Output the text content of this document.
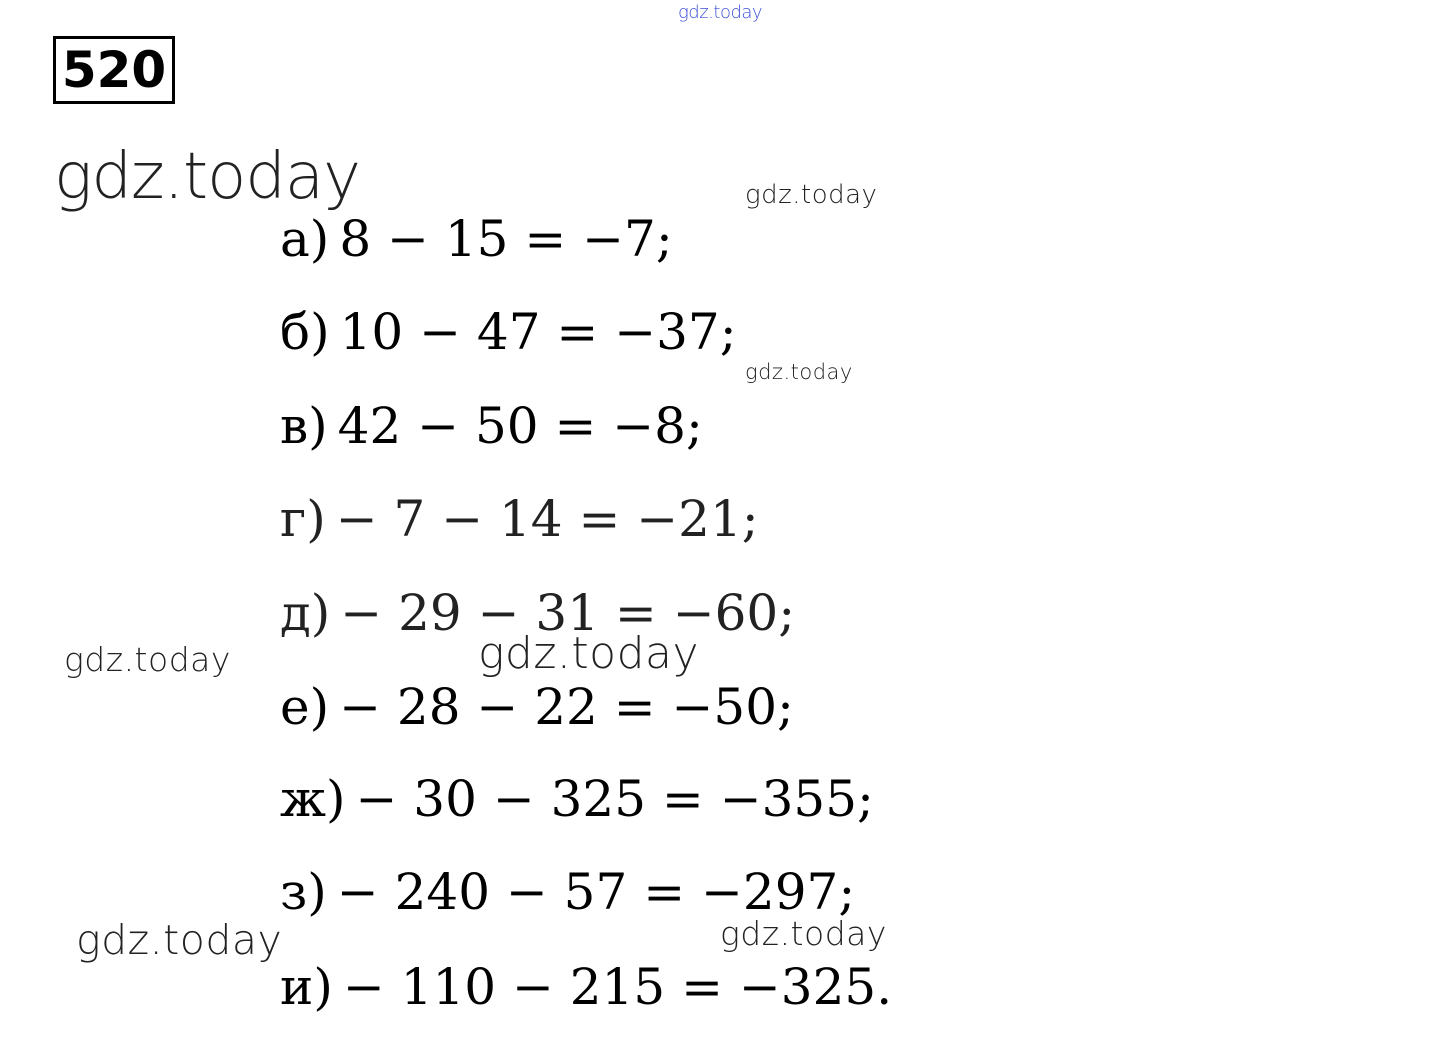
gdz.today
520
gdz.today	gdz.today
а) 8 − 15 = −7;
б) 10 − 47 = −37;
gdz.today
в) 42 − 50 = −8;
г) − 7 − 14 = −21;
д) − 29 − 31 = −60;
gdz.today	gdz.today
е) − 28 − 22 = −50;
ж) − 30 − 325 = −355;
з) − 240 − 57 = −297;
gdz.today	gdz.today
и) − 110 − 215 = −325.
